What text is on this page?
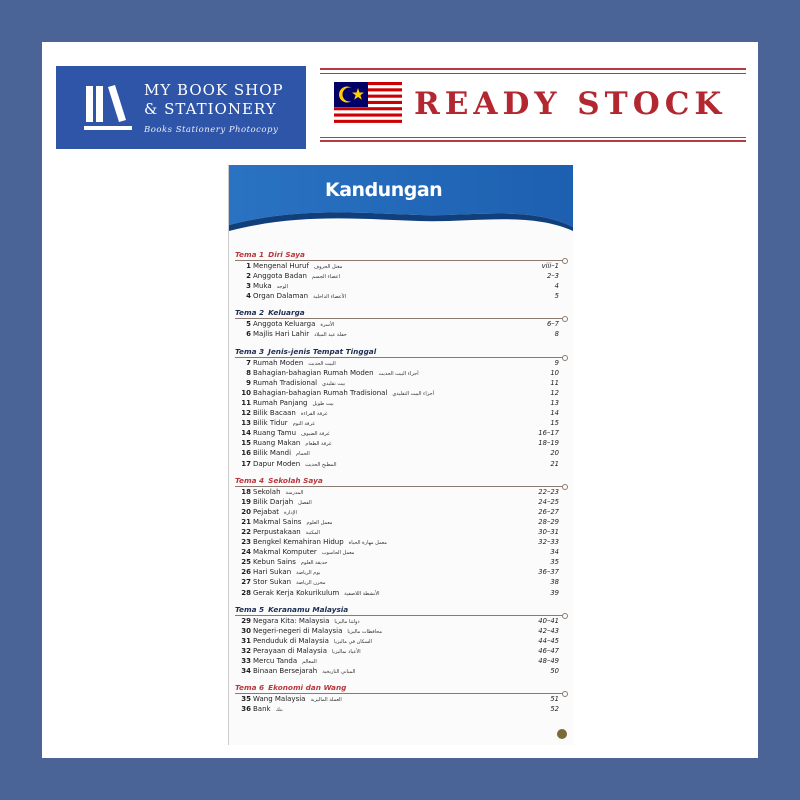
MY BOOK SHOP
& STATIONERY
Books Stationery Photocopy
READY STOCK
Kandungan
Tema 1 Diri Saya
1 Mengenal Huruf مغنل الحروف	viii–1
2 Anggota Badan اعضاء الجسم	2–3
3 Muka الوجه	4
4 Organ Dalaman الأعضاء الداخلية	5
Tema 2 Keluarga
5 Anggota Keluarga الأسرة	6–7
6 Majlis Hari Lahir حفلة عيد الميلاد	8
Tema 3 Jenis-jenis Tempat Tinggal
7 Rumah Moden البيت الحديث	9
8 Bahagian-bahagian Rumah Moden أجزاء البيت الحديث	10
9 Rumah Tradisional بيت تقليدي	11
10 Bahagian-bahagian Rumah Tradisional أجزاء البيت التقليدي	12
11 Rumah Panjang بيت طويل	13
12 Bilik Bacaan غرفة القراءة	14
13 Bilik Tidur غرفة النوم	15
14 Ruang Tamu غرفة الضيوف	16–17
15 Ruang Makan غرفة الطعام	18–19
16 Bilik Mandi الحمام	20
17 Dapur Moden المطبخ الحديث	21
Tema 4 Sekolah Saya
18 Sekolah المدرسة	22–23
19 Bilik Darjah الفصل	24–25
20 Pejabat الإدارة	26–27
21 Makmal Sains معمل العلوم	28–29
22 Perpustakaan المكتبة	30–31
23 Bengkel Kemahiran Hidup معمل مهارة الحياة	32–33
24 Makmal Komputer معمل الحاسوب	34
25 Kebun Sains حديقة العلوم	35
26 Hari Sukan يوم الرياضة	36–37
27 Stor Sukan مخزن الرياضة	38
28 Gerak Kerja Kokurikulum الأنشطة اللاصفية	39
Tema 5 Keranamu Malaysia
29 Negara Kita: Malaysia دولتنا ماليزيا	40–41
30 Negeri-negeri di Malaysia محافظات ماليزيا	42–43
31 Penduduk di Malaysia السكان في ماليزيا	44–45
32 Perayaan di Malaysia الأعياد بماليزيا	46–47
33 Mercu Tanda المعالم	48–49
34 Binaan Bersejarah المباني التاريخية	50
Tema 6 Ekonomi dan Wang
35 Wang Malaysia العملة الماليزية	51
36 Bank بنك	52
